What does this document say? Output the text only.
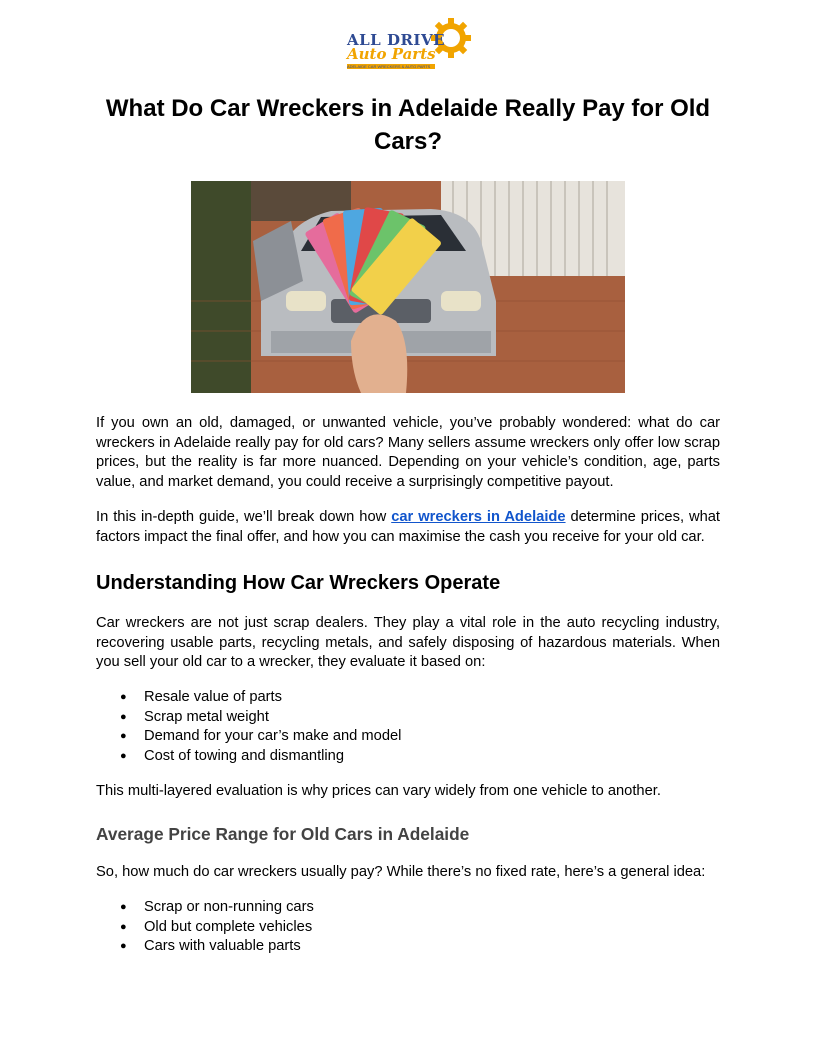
ALL DRIVE
Auto Parts
ADELAIDE CAR WRECKERS & AUTO PARTS
What Do Car Wreckers in Adelaide Really Pay for Old Cars?

If you own an old, damaged, or unwanted vehicle, you’ve probably wondered: what do car wreckers in Adelaide really pay for old cars? Many sellers assume wreckers only offer low scrap prices, but the reality is far more nuanced. Depending on your vehicle’s condition, age, parts value, and market demand, you could receive a surprisingly competitive payout.

In this in-depth guide, we’ll break down how car wreckers in Adelaide determine prices, what factors impact the final offer, and how you can maximise the cash you receive for your old car.

Understanding How Car Wreckers Operate

Car wreckers are not just scrap dealers. They play a vital role in the auto recycling industry, recovering usable parts, recycling metals, and safely disposing of hazardous materials. When you sell your old car to a wrecker, they evaluate it based on:

● Resale value of parts
● Scrap metal weight
● Demand for your car’s make and model
● Cost of towing and dismantling

This multi-layered evaluation is why prices can vary widely from one vehicle to another.

Average Price Range for Old Cars in Adelaide

So, how much do car wreckers usually pay? While there’s no fixed rate, here’s a general idea:

● Scrap or non-running cars
● Old but complete vehicles
● Cars with valuable parts
